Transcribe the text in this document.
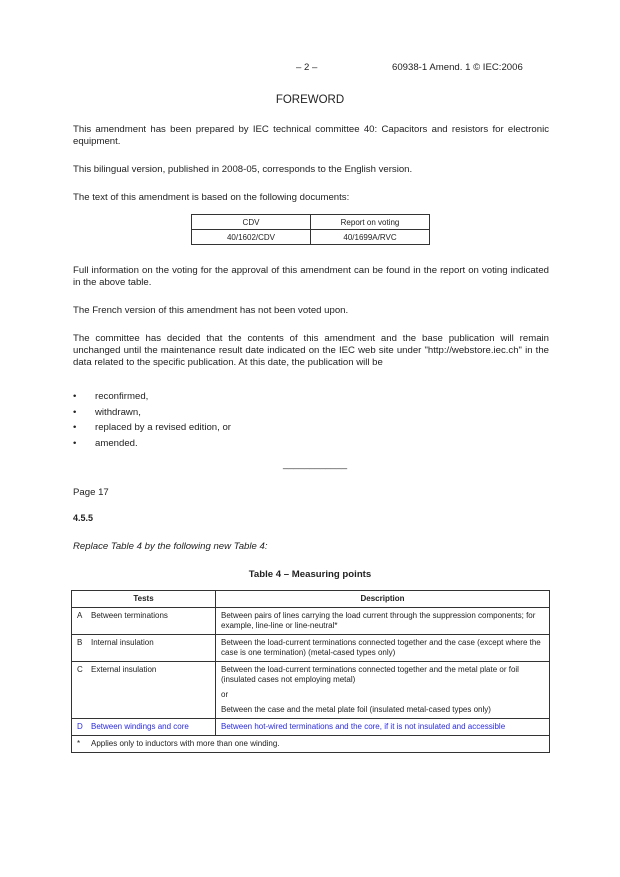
– 2 –	60938-1 Amend. 1 © IEC:2006
FOREWORD
This amendment has been prepared by IEC technical committee 40: Capacitors and resistors for electronic equipment.
This bilingual version, published in 2008-05, corresponds to the English version.
The text of this amendment is based on the following documents:
CDV	Report on voting
40/1602/CDV	40/1699A/RVC
Full information on the voting for the approval of this amendment can be found in the report on voting indicated in the above table.
The French version of this amendment has not been voted upon.
The committee has decided that the contents of this amendment and the base publication will remain unchanged until the maintenance result date indicated on the IEC web site under "http://webstore.iec.ch" in the data related to the specific publication. At this date, the publication will be
• reconfirmed,
• withdrawn,
• replaced by a revised edition, or
• amended.
____________
Page 17
4.5.5
Replace Table 4 by the following new Table 4:
Table 4 – Measuring points
Tests	Description
A Between terminations	Between pairs of lines carrying the load current through the suppression components; for example, line-line or line-neutral*
B Internal insulation	Between the load-current terminations connected together and the case (except where the case is one termination) (metal-cased types only)
C External insulation	Between the load-current terminations connected together and the metal plate or foil (insulated cases not employing metal)
or
Between the case and the metal plate foil (insulated metal-cased types only)

D Between windings and core	Between hot-wired terminations and the core, if it is not insulated and accessible
* Applies only to inductors with more than one winding.	
